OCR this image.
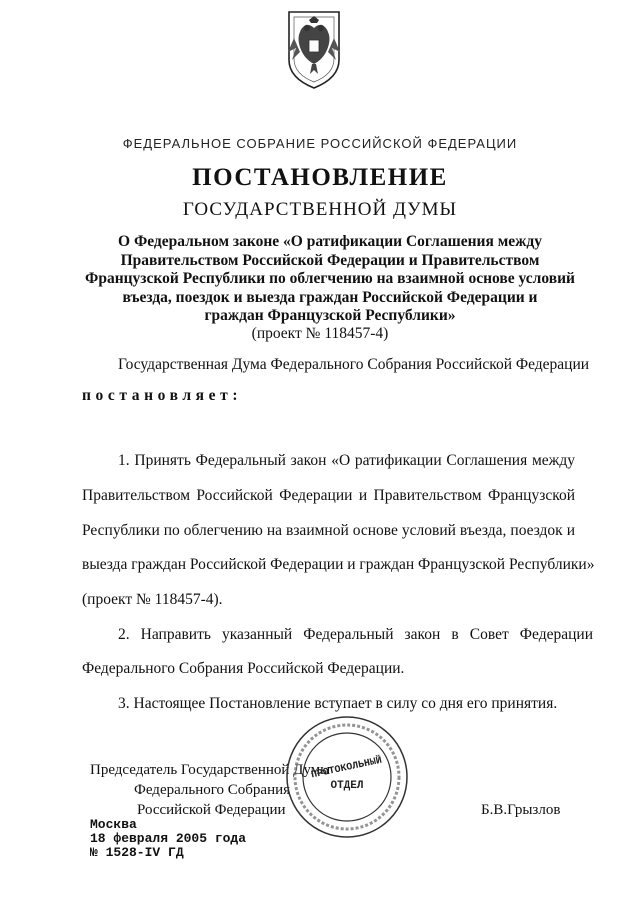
ФЕДЕРАЛЬНОЕ СОБРАНИЕ РОССИЙСКОЙ ФЕДЕРАЦИИ
ПОСТАНОВЛЕНИЕ
ГОСУДАРСТВЕННОЙ ДУМЫ
О Федеральном законе «О ратификации Соглашения между
Правительством Российской Федерации и Правительством
Французской Республики по облегчению на взаимной основе условий
въезда, поездок и выезда граждан Российской Федерации и
граждан Французской Республики»
(проект № 118457-4)
Государственная Дума Федерального Собрания Российской Федерации
постановляет:
1. Принять Федеральный закон «О ратификации Соглашения между
Правительством Российской Федерации и Правительством Французской
Республики по облегчению на взаимной основе условий въезда, поездок и
выезда граждан Российской Федерации и граждан Французской Республики»
(проект № 118457-4).
2. Направить указанный Федеральный закон в Совет Федерации
Федерального Собрания Российской Федерации.
3. Настоящее Постановление вступает в силу со дня его принятия.
Председатель Государственной Думы
Федерального Собрания
Российской Федерации	Б.В.Грызлов
ПРОТОКОЛЬНЫЙ
ОТДЕЛ
Москва
18 февраля 2005 года
№ 1528-IV ГД
